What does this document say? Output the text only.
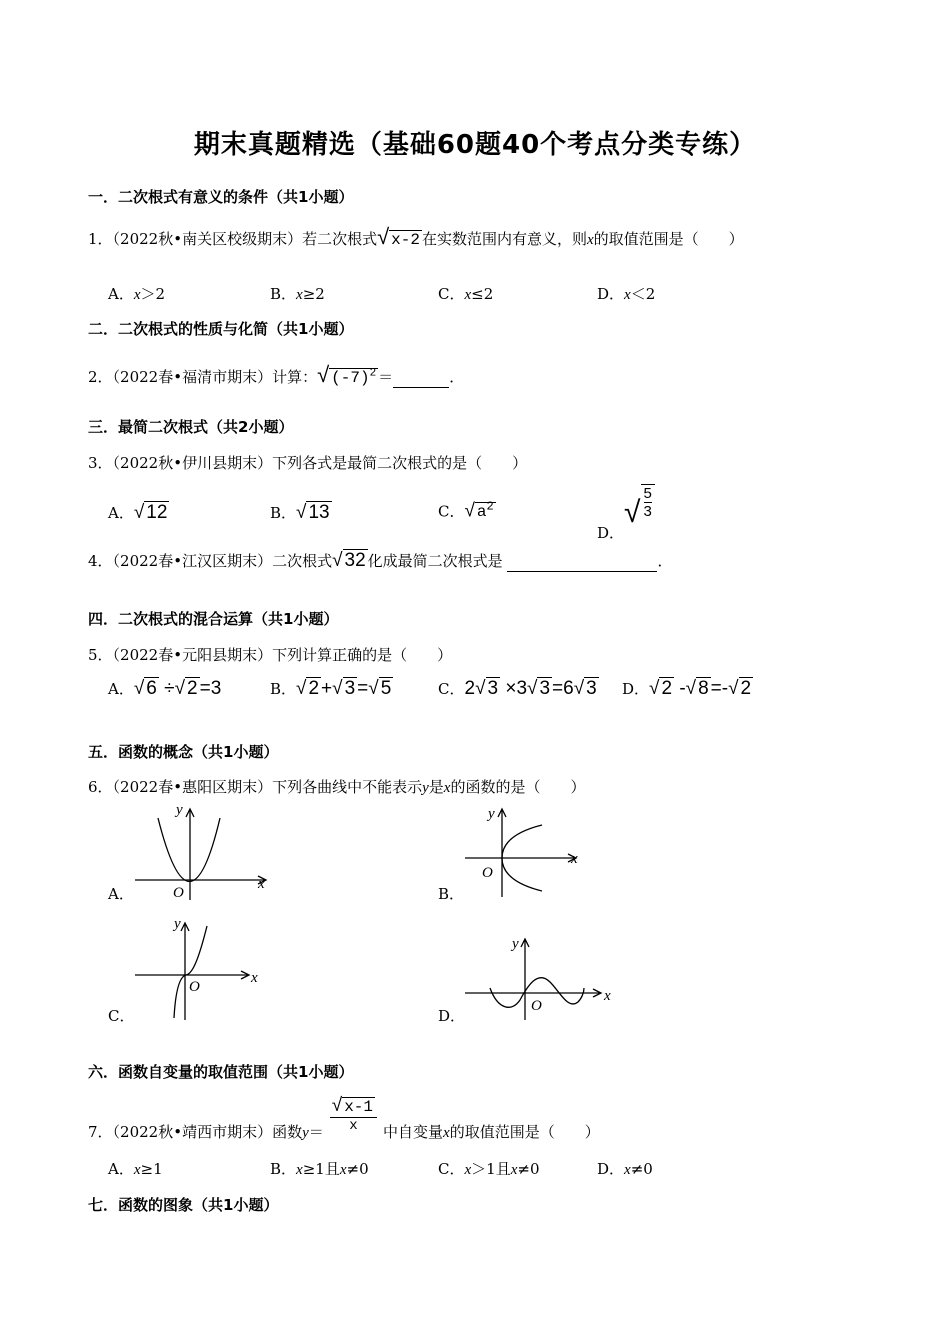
期末真题精选（基础60题40个考点分类专练）
一．二次根式有意义的条件（共1小题）
1．（2022秋•南关区校级期末）若二次根式√ x-2 在实数范围内有意义，则x的取值范围是（　　）
A．x＞2	B．x≥2	C．x≤2	D．x＜2
二．二次根式的性质与化简（共1小题）
2．（2022春•福清市期末）计算：√ $(-7)^2$ ＝	．
三．最简二次根式（共2小题）
3．（2022秋•伊川县期末）下列各式是最简二次根式的是（　　）
A．√ 12	B．√ 13	C．√ $a^2$
D．√ $\frac{5}{3}$
4．（2022春•江汉区期末）二次根式√ 32 化成最简二次根式是	．
四．二次根式的混合运算（共1小题）
5．（2022春•元阳县期末）下列计算正确的是（　　）
A．√ 6 ÷√ 2 =3	B．√ 2 +√ 3 =√ 5	C．2√ 3 ×3√ 3 =6√ 3 D．√ 2 -√ 8 =-√ 2
五．函数的概念（共1小题）
6．（2022春•惠阳区期末）下列各曲线中不能表示y是x的函数的是（　　）
A．
x
y
O	B．
x
y
O
C．
x
y
O
D．
x
y
O
六．函数自变量的取值范围（共1小题）
7．（2022秋•靖西市期末）函数$y= \frac{√ x-1}{x}$ 中自变量x的取值范围是（　　）
A．x≥1	B．x≥1且x≠0	C．x＞1且x≠0	D．x≠0
七．函数的图象（共1小题）
